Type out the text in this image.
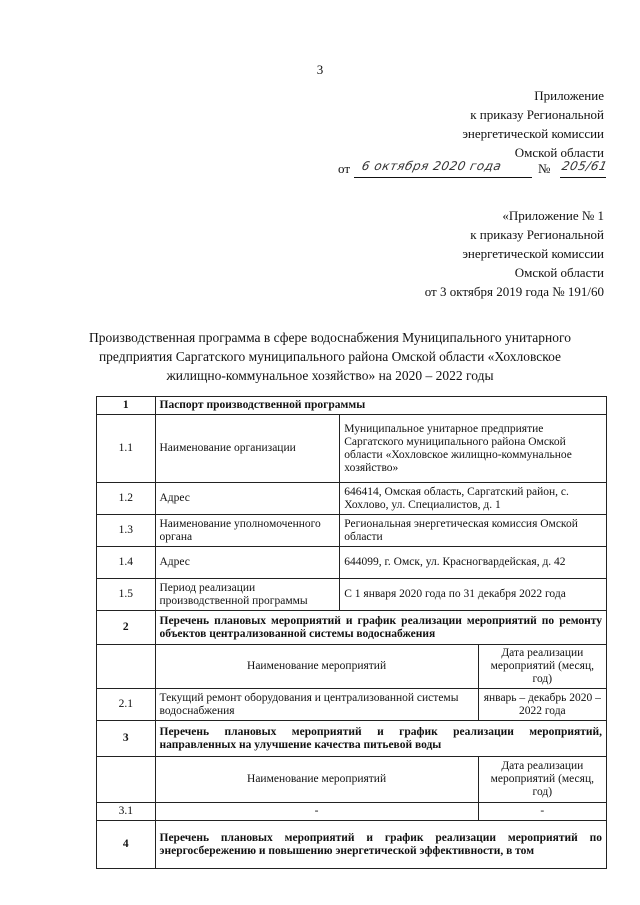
3
Приложение
к приказу Региональной
энергетической комиссии
Омской области
от 6 октября 2020 года	№ 205/61
«Приложение № 1
к приказу Региональной
энергетической комиссии
Омской области
от 3 октября 2019 года № 191/60
Производственная программа в сфере водоснабжения Муниципального унитарного предприятия Саргатского муниципального района Омской области «Хохловское жилищно-коммунальное хозяйство» на 2020 – 2022 годы
1	Паспорт производственной программы		
1.1	Наименование организации	Муниципальное унитарное предприятие Саргатского муниципального района Омской области «Хохловское жилищно-коммунальное хозяйство»	
1.2	Адрес	646414, Омская область, Саргатский район, с. Хохлово, ул. Специалистов, д. 1	
1.3	Наименование уполномоченного органа	Региональная энергетическая комиссия Омской области	
1.4	Адрес	644099, г. Омск, ул. Красногвардейская, д. 42	
1.5	Период реализации производственной программы	С 1 января 2020 года по 31 декабря 2022 года	
2	Перечень плановых мероприятий и график реализации мероприятий по ремонту объектов централизованной системы водоснабжения		
	Наименование мероприятий		Дата реализации мероприятий (месяц, год)
2.1	Текущий ремонт оборудования и централизованной системы водоснабжения		январь – декабрь 2020 – 2022 года
3	Перечень плановых мероприятий и график реализации мероприятий, направленных на улучшение качества питьевой воды		
	Наименование мероприятий		Дата реализации мероприятий (месяц, год)
3.1	-		-
4	Перечень плановых мероприятий и график реализации мероприятий по энергосбережению и повышению энергетической эффективности, в том		
